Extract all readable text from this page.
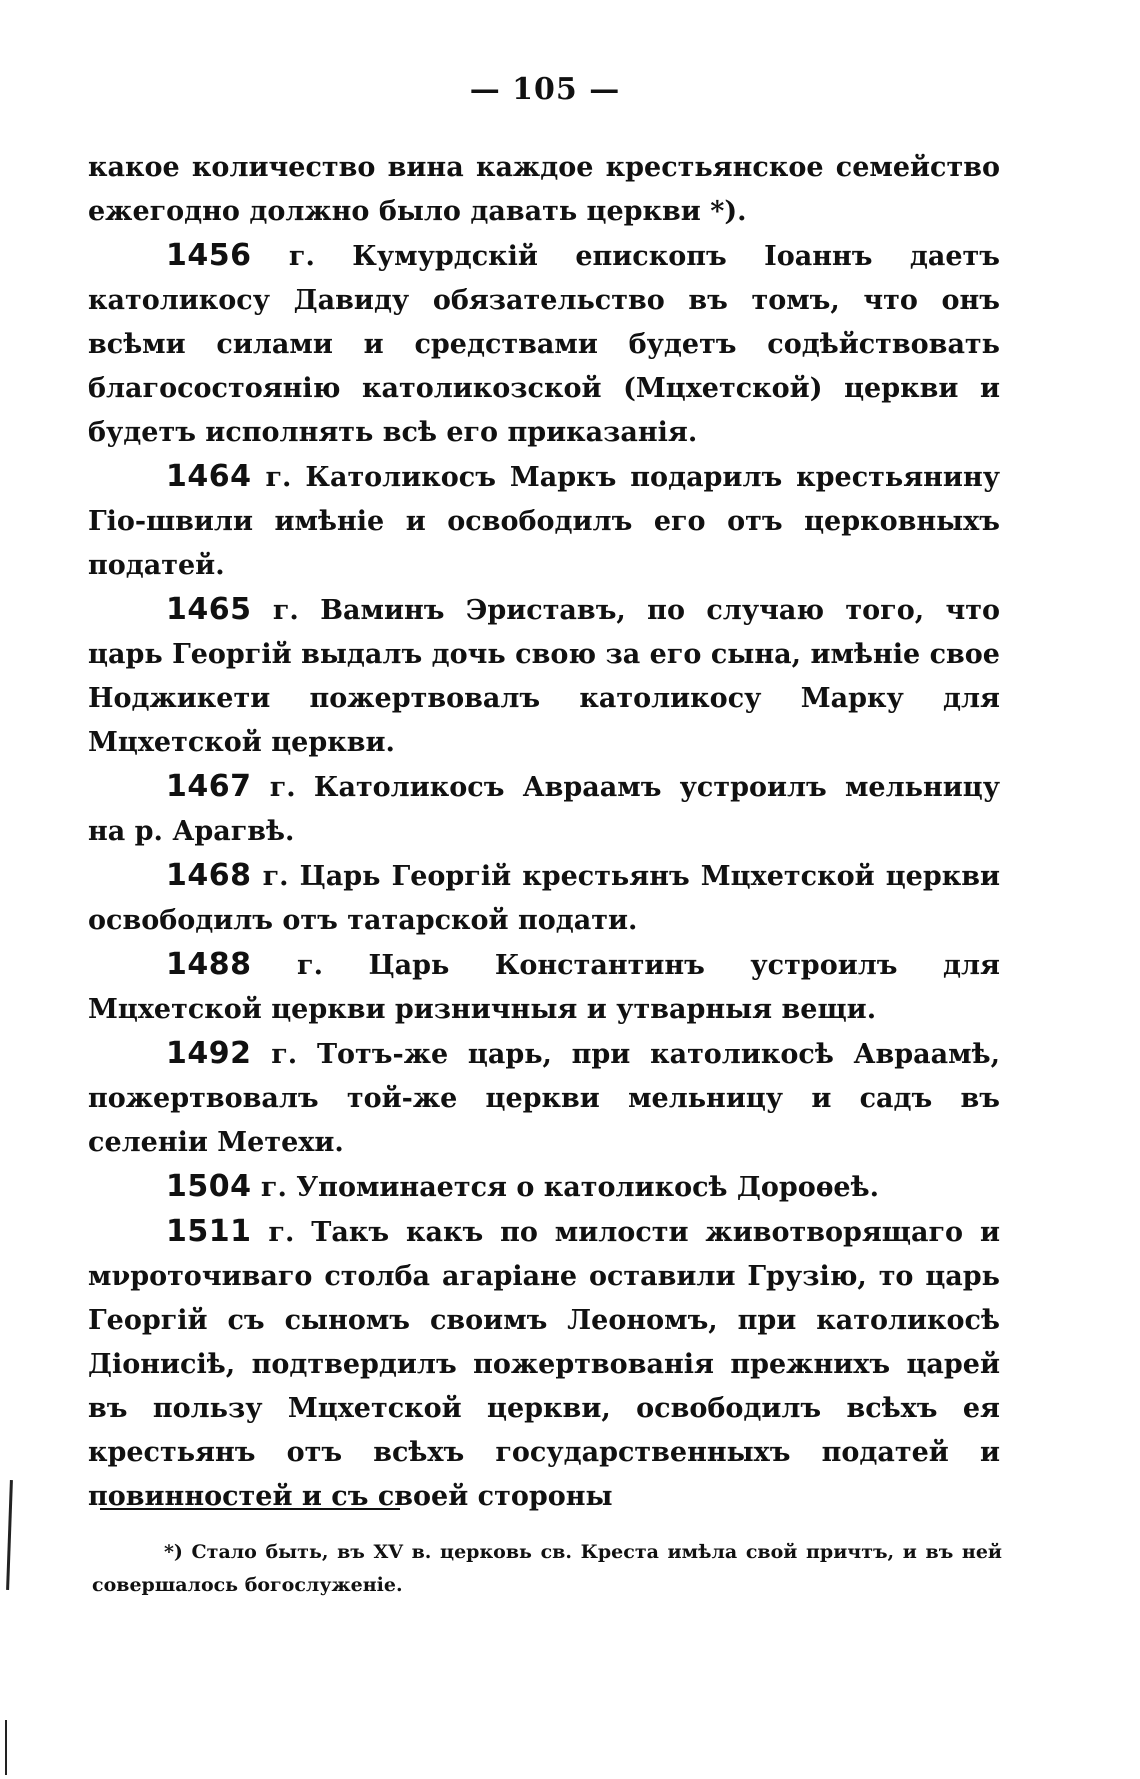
— 105 —

какое количество вина каждое крестьянское семейство ежегодно должно было давать церкви *).

1456 г. Кумурдскій епископъ Іоаннъ даетъ католикосу Давиду обязательство въ томъ, что онъ всѣми силами и средствами будетъ содѣйствовать благосостоянію католикозской (Мцхетской) церкви и будетъ исполнять всѣ его приказанія.

1464 г. Католикосъ Маркъ подарилъ крестьянину Гіо-швили имѣніе и освободилъ его отъ церковныхъ податей.

1465 г. Ваминъ Эриставъ, по случаю того, что царь Георгій выдалъ дочь свою за его сына, имѣніе свое Ноджикети пожертвовалъ католикосу Марку для Мцхетской церкви.

1467 г. Католикосъ Авраамъ устроилъ мельницу на р. Арагвѣ.

1468 г. Царь Георгій крестьянъ Мцхетской церкви освободилъ отъ татарской подати.

1488 г. Царь Константинъ устроилъ для Мцхетской церкви ризничныя и утварныя вещи.

1492 г. Тотъ-же царь, при католикосѣ Авраамѣ, пожертвовалъ той-же церкви мельницу и садъ въ селеніи Метехи.

1504 г. Упоминается о католикосѣ Дороѳеѣ.

1511 г. Такъ какъ по милости животворящаго и мνроточиваго столба агаріане оставили Грузію, то царь Георгій съ сыномъ своимъ Леономъ, при католикосѣ Діонисіѣ, подтвердилъ пожертвованія прежнихъ царей въ пользу Мцхетской церкви, освободилъ всѣхъ ея крестьянъ отъ всѣхъ государственныхъ податей и повинностей и съ своей стороны

*) Стало быть, въ XV в. церковь св. Креста имѣла свой причтъ, и въ ней совершалось богослуженіе.
